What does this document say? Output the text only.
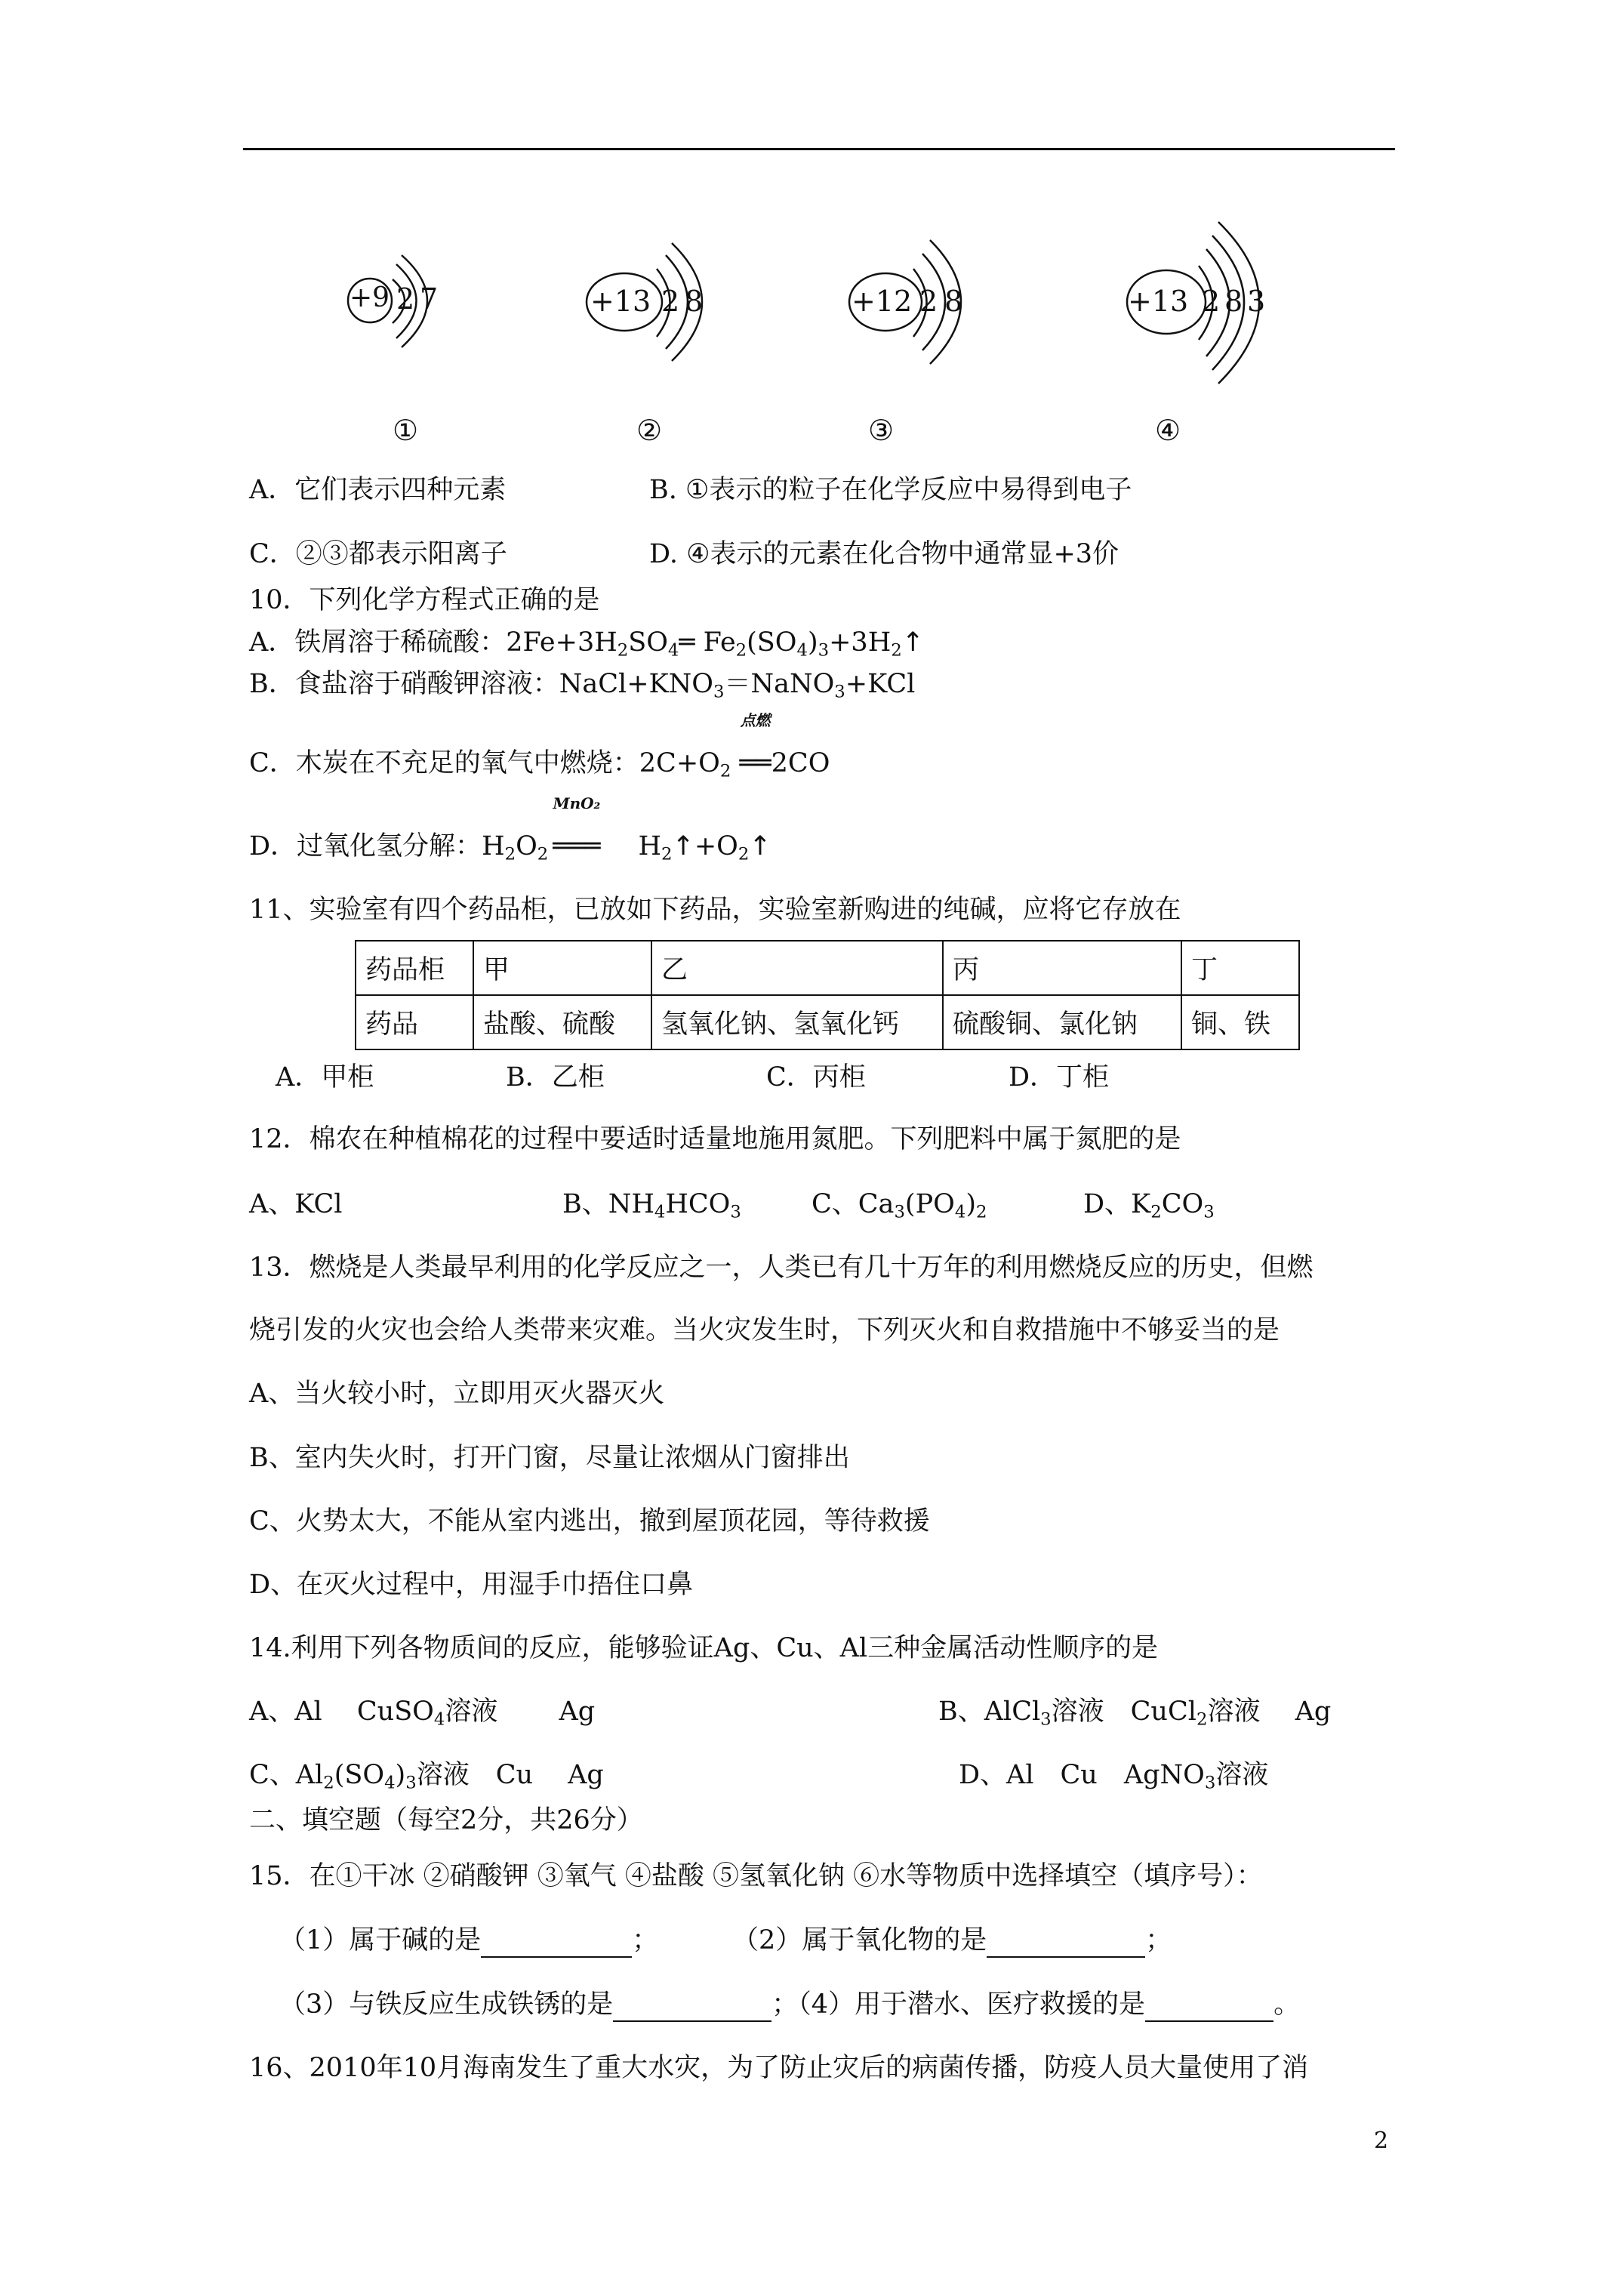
+9 2 7	+13 2 8	+12 2 8	+13 2 8 3
①	②	③	④
A．它们表示四种元素	B. ①表示的粒子在化学反应中易得到电子
C．②③都表示阳离子	D. ④表示的元素在化合物中通常显+3价
10．下列化学方程式正确的是
A．铁屑溶于稀硫酸：$2Fe+3H_2SO_4═$ $Fe_2(SO_4)_3+3H_2↑$
B．食盐溶于硝酸钾溶液：$NaCl+KNO_3=NaNO_3+KCl$
C．木炭在不充足的氧气中燃烧：$2C+O_2$
点燃
══2CO
D．过氧化氢分解：$H_2O_2$
MnO₂
═══ $H_2↑+O_2↑$
11、实验室有四个药品柜，已放如下药品，实验室新购进的纯碱，应将它存放在
药品柜	甲	乙	丙	丁
药品	盐酸、硫酸	氢氧化钠、氢氧化钙	硫酸铜、氯化钠	铜、铁
A．甲柜	B．乙柜	C．丙柜	D．丁柜
12．棉农在种植棉花的过程中要适时适量地施用氮肥。下列肥料中属于氮肥的是
A、KCl	B、$NH_4HCO_3$	C、$Ca_3(PO_4)_2$	D、$K_2CO_3$
13．燃烧是人类最早利用的化学反应之一，人类已有几十万年的利用燃烧反应的历史，但燃
烧引发的火灾也会给人类带来灾难。当火灾发生时，下列灭火和自救措施中不够妥当的是
A、当火较小时，立即用灭火器灭火
B、室内失火时，打开门窗，尽量让浓烟从门窗排出
C、火势太大，不能从室内逃出，撤到屋顶花园，等待救援
D、在灭火过程中，用湿手巾捂住口鼻
14.利用下列各物质间的反应，能够验证Ag、Cu、Al三种金属活动性顺序的是
A、Al　 CuSO$_4$溶液　　 Ag	B、AlCl$_3$溶液　CuCl$_2$溶液　 Ag
C、$Al_2(SO_4)_3$溶液　Cu　 Ag	D、Al　Cu　AgNO$_3$溶液
二、填空题（每空2分，共26分）
15．在①干冰 ②硝酸钾 ③氧气 ④盐酸 ⑤氢氧化钠 ⑥水等物质中选择填空（填序号）：
（1）属于碱的是	；	（2）属于氧化物的是	；
（3）与铁反应生成铁锈的是	；（4）用于潜水、医疗救援的是	。
16、2010年10月海南发生了重大水灾，为了防止灾后的病菌传播，防疫人员大量使用了消
2
